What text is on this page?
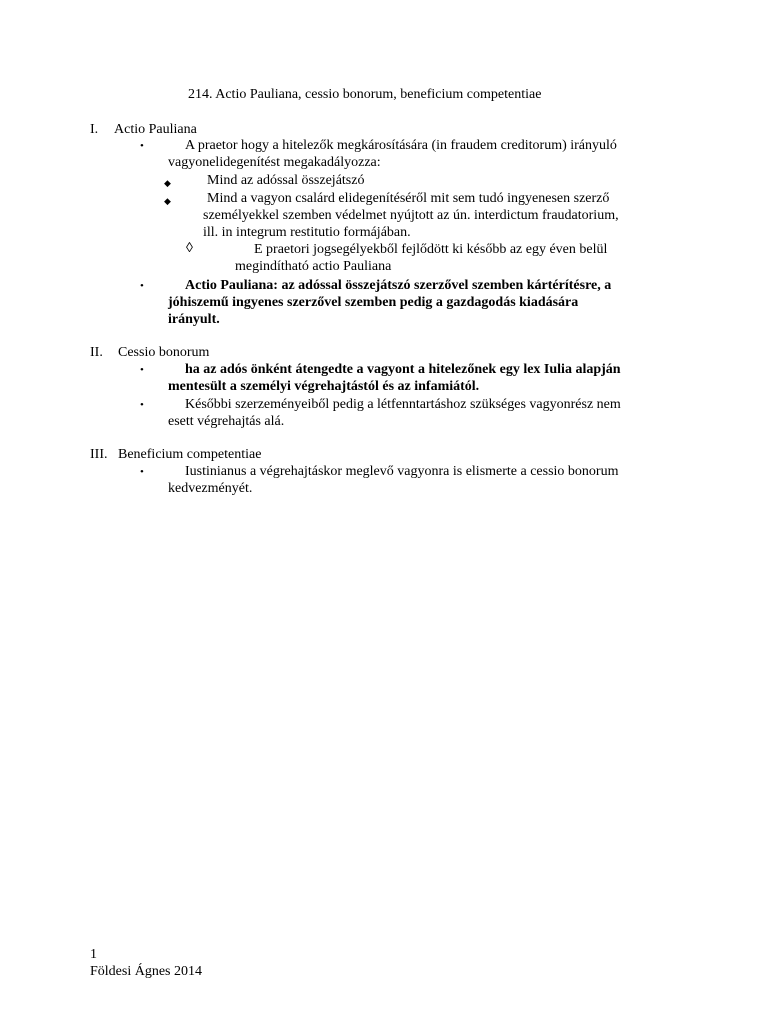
214. Actio Pauliana, cessio bonorum, beneficium competentiae
I. Actio Pauliana
•	A praetor hogy a hitelezők megkárosítására (in fraudem creditorum) irányuló
vagyonelidegenítést megakadályozza:
◆	Mind az adóssal összejátszó
◆	Mind a vagyon csalárd elidegenítéséről mit sem tudó ingyenesen szerző
személyekkel szemben védelmet nyújtott az ún. interdictum fraudatorium,
ill. in integrum restitutio formájában.
◊	E praetori jogsegélyekből fejlődött ki később az egy éven belül
megindítható actio Pauliana
•	Actio Pauliana: az adóssal összejátszó szerzővel szemben kártérítésre, a
jóhiszemű ingyenes szerzővel szemben pedig a gazdagodás kiadására
irányult.
II. Cessio bonorum
•	ha az adós önként átengedte a vagyont a hitelezőnek egy lex Iulia alapján
mentesült a személyi végrehajtástól és az infamiától.
•	Későbbi szerzeményeiből pedig a létfenntartáshoz szükséges vagyonrész nem
esett végrehajtás alá.
III. Beneficium competentiae
•	Iustinianus a végrehajtáskor meglevő vagyonra is elismerte a cessio bonorum
kedvezményét.
1
Földesi Ágnes 2014
